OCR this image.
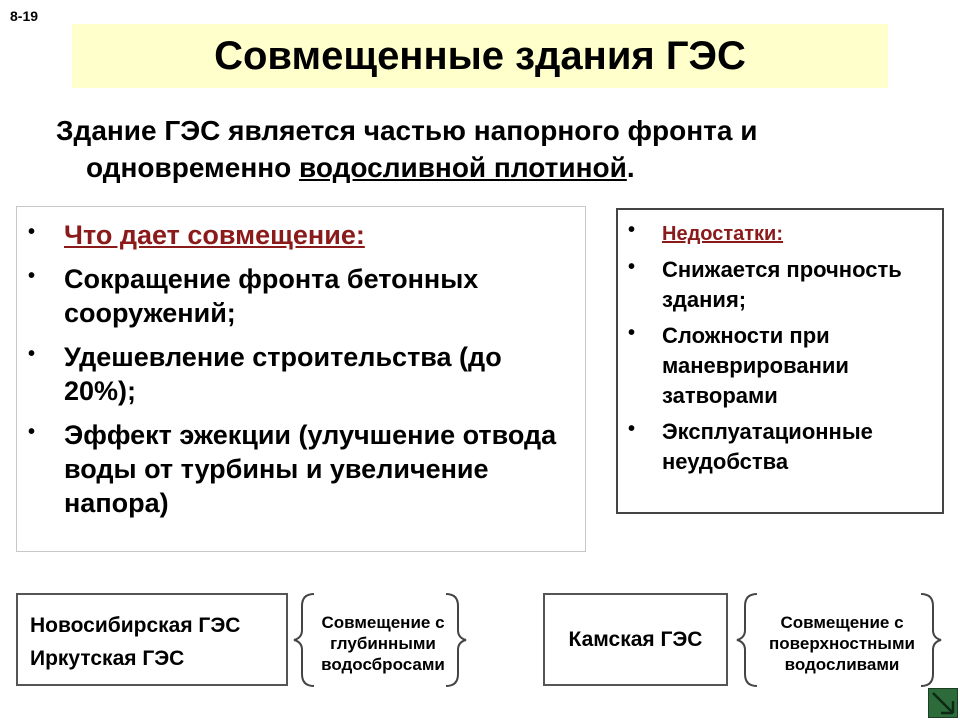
8-19
Совмещенные здания ГЭС
Здание ГЭС является частью напорного фронта и
одновременно водосливной плотиной.
• Что дает совмещение:
• Сокращение фронта бетонных сооружений;
• Удешевление строительства (до 20%);
• Эффект эжекции (улучшение отвода воды от турбины и увеличение напора)
• Недостатки:
• Снижается прочность здания;
• Сложности при маневрировании затворами
• Эксплуатационные неудобства
Новосибирская ГЭС
Иркутская ГЭС
Совмещение с глубинными водосбросами
Камская ГЭС
Совмещение с поверхностными водосливами
